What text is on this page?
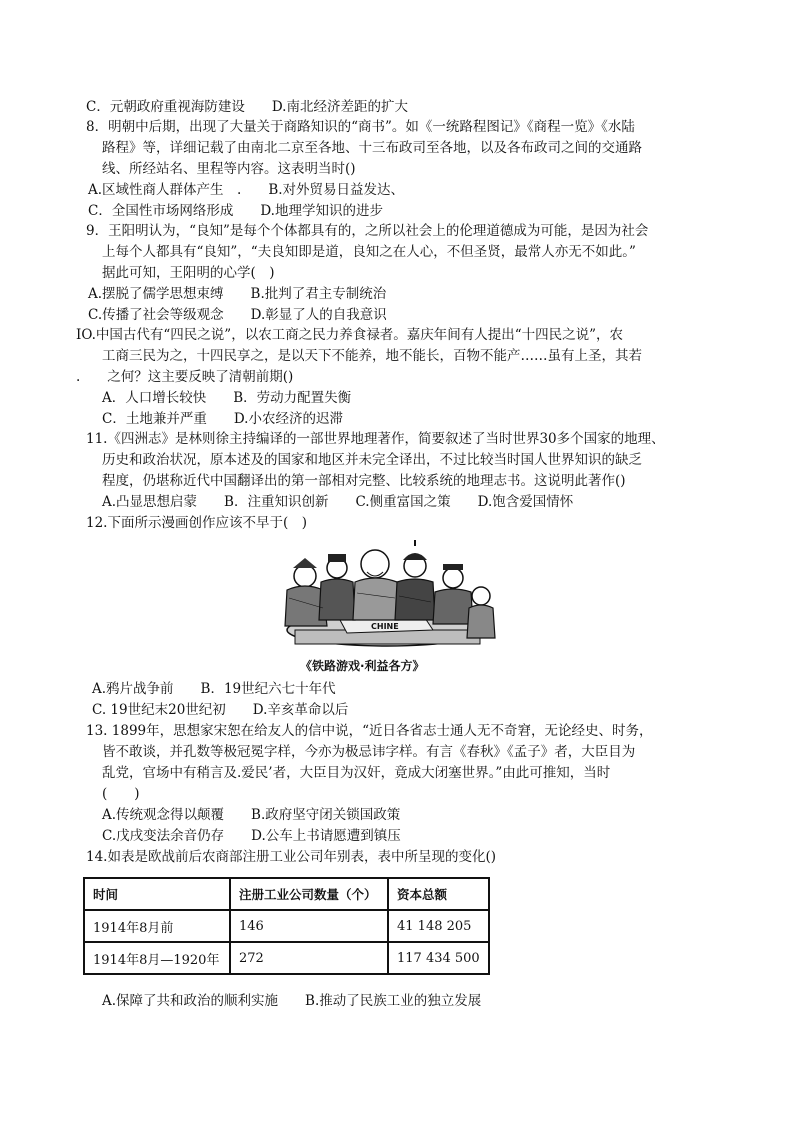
C．元朝政府重视海防建设　　D.南北经济差距的扩大
8．明朝中后期，出现了大量关于商路知识的“商书”。如《一统路程图记》《商程一览》《水陆
路程》等，详细记载了由南北二京至各地、十三布政司至各地，以及各布政司之间的交通路
线、所经站名、里程等内容。这表明当时()
A.区域性商人群体产生　.　　B.对外贸易日益发达、
C．全国性市场网络形成　　D.地理学知识的进步
9．王阳明认为，“良知”是每个个体都具有的，之所以社会上的伦理道德成为可能，是因为社会
上每个人都具有“良知”，“夫良知即是道，良知之在人心，不但圣贤，最常人亦无不如此。”
据此可知，王阳明的心学(　)
A.摆脱了儒学思想束缚　　B.批判了君主专制统治
C.传播了社会等级观念　　D.彰显了人的自我意识
IO.中国古代有“四民之说”，以农工商之民力养食禄者。嘉庆年间有人提出“十四民之说”，农
工商三民为之，十四民享之，是以天下不能养，地不能长，百物不能产……虽有上圣，其若
.　　之何？这主要反映了清朝前期()
A．人口增长较快　　B．劳动力配置失衡
C．土地兼并严重　　D.小农经济的迟滞
11.《四洲志》是林则徐主持编译的一部世界地理著作，简要叙述了当时世界30多个国家的地理、
历史和政治状况，原本述及的国家和地区并未完全译出，不过比较当时国人世界知识的缺乏
程度，仍堪称近代中国翻译出的第一部相对完整、比较系统的地理志书。这说明此著作()
A.凸显思想启蒙　　B．注重知识创新　　C.侧重富国之策　　D.饱含爱国情怀
12.下面所示漫画创作应该不早于(　)
A.鸦片战争前　　B．19世纪六七十年代
C. 19世纪末20世纪初　　D.辛亥革命以后
13. 1899年，思想家宋恕在给友人的信中说，“近日各省志士通人无不奇窘，无论经史、时务，
皆不敢谈，并孔数等极冠冕字样，今亦为极忌讳字样。有言《春秋》《孟子》者，大臣目为
乱党，官场中有稍言及.爱民’者，大臣目为汉奸，竟成大闭塞世界。”由此可推知，当时
(　　)
A.传统观念得以颠覆　　B.政府坚守闭关锁国政策
C.戊戌变法余音仍存　　D.公车上书请愿遭到镇压
14.如表是欧战前后农商部注册工业公司年别表，表中所呈现的变化()
A.保障了共和政治的顺利实施　　B.推动了民族工业的独立发展
CHINE
《铁路游戏·利益各方》
时间	注册工业公司数量（个）	资本总额
1914年8月前	146	41 148 205
1914年8月—1920年	272	117 434 500
